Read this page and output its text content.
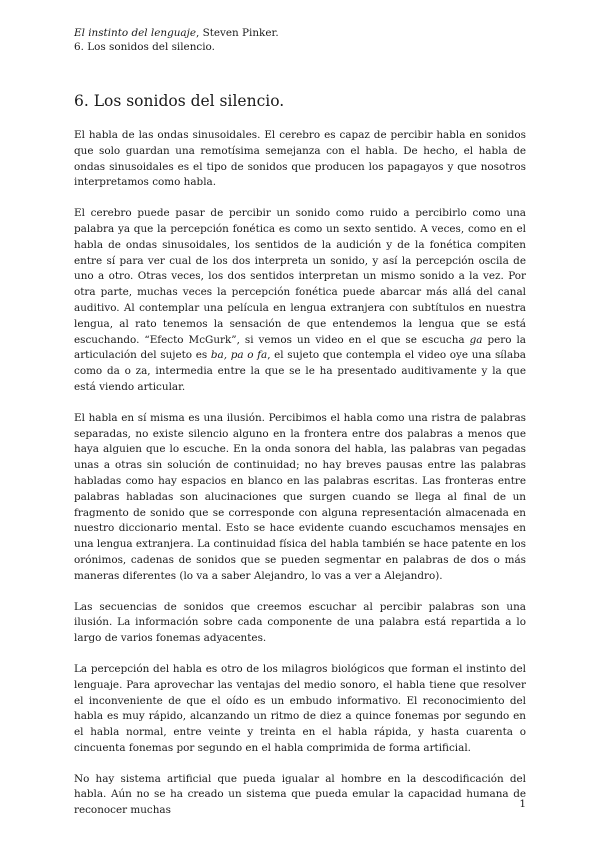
El instinto del lenguaje, Steven Pinker.
6. Los sonidos del silencio.
6. Los sonidos del silencio.

El habla de las ondas sinusoidales. El cerebro es capaz de percibir habla en sonidos que solo guardan una remotísima semejanza con el habla. De hecho, el habla de ondas sinusoidales es el tipo de sonidos que producen los papagayos y que nosotros interpretamos como habla.

El cerebro puede pasar de percibir un sonido como ruido a percibirlo como una palabra ya que la percepción fonética es como un sexto sentido. A veces, como en el habla de ondas sinusoidales, los sentidos de la audición y de la fonética compiten entre sí para ver cual de los dos interpreta un sonido, y así la percepción oscila de uno a otro. Otras veces, los dos sentidos interpretan un mismo sonido a la vez. Por otra parte, muchas veces la percepción fonética puede abarcar más allá del canal auditivo. Al contemplar una película en lengua extranjera con subtítulos en nuestra lengua, al rato tenemos la sensación de que entendemos la lengua que se está escuchando. “Efecto McGurk”, si vemos un video en el que se escucha ga pero la articulación del sujeto es ba, pa o fa, el sujeto que contempla el video oye una sílaba como da o za, intermedia entre la que se le ha presentado auditivamente y la que está viendo articular.

El habla en sí misma es una ilusión. Percibimos el habla como una ristra de palabras separadas, no existe silencio alguno en la frontera entre dos palabras a menos que haya alguien que lo escuche. En la onda sonora del habla, las palabras van pegadas unas a otras sin solución de continuidad; no hay breves pausas entre las palabras habladas como hay espacios en blanco en las palabras escritas. Las fronteras entre palabras habladas son alucinaciones que surgen cuando se llega al final de un fragmento de sonido que se corresponde con alguna representación almacenada en nuestro diccionario mental. Esto se hace evidente cuando escuchamos mensajes en una lengua extranjera. La continuidad física del habla también se hace patente en los orónimos, cadenas de sonidos que se pueden segmentar en palabras de dos o más maneras diferentes (lo va a saber Alejandro, lo vas a ver a Alejandro).

Las secuencias de sonidos que creemos escuchar al percibir palabras son una ilusión. La información sobre cada componente de una palabra está repartida a lo largo de varios fonemas adyacentes.

La percepción del habla es otro de los milagros biológicos que forman el instinto del lenguaje. Para aprovechar las ventajas del medio sonoro, el habla tiene que resolver el inconveniente de que el oído es un embudo informativo. El reconocimiento del habla es muy rápido, alcanzando un ritmo de diez a quince fonemas por segundo en el habla normal, entre veinte y treinta en el habla rápida, y hasta cuarenta o cincuenta fonemas por segundo en el habla comprimida de forma artificial.

No hay sistema artificial que pueda igualar al hombre en la descodificación del habla. Aún no se ha creado un sistema que pueda emular la capacidad humana de reconocer muchas

1
